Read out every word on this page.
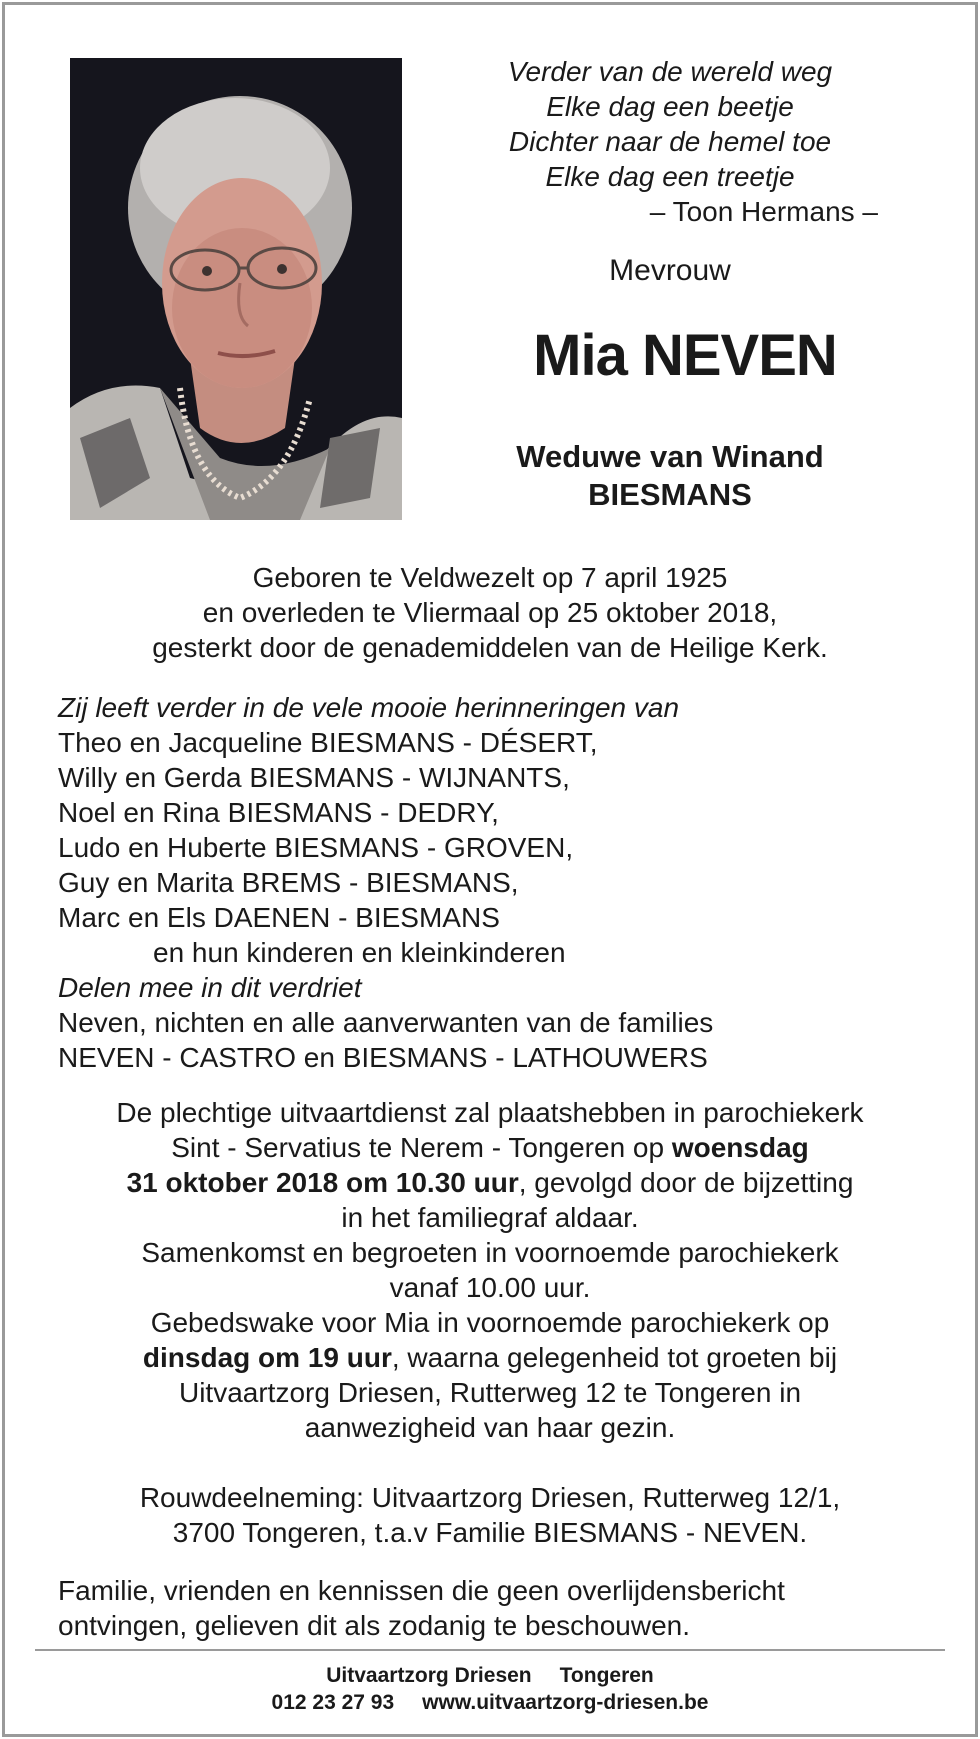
Verder van de wereld weg
Elke dag een beetje
Dichter naar de hemel toe
Elke dag een treetje
– Toon Hermans –
Mevrouw
Mia NEVEN
Weduwe van Winand
BIESMANS
Geboren te Veldwezelt op 7 april 1925
en overleden te Vliermaal op 25 oktober 2018,
gesterkt door de genademiddelen van de Heilige Kerk.
Zij leeft verder in de vele mooie herinneringen van
Theo en Jacqueline BIESMANS - DÉSERT,
Willy en Gerda BIESMANS - WIJNANTS,
Noel en Rina BIESMANS - DEDRY,
Ludo en Huberte BIESMANS - GROVEN,
Guy en Marita BREMS - BIESMANS,
Marc en Els DAENEN - BIESMANS
en hun kinderen en kleinkinderen
Delen mee in dit verdriet
Neven, nichten en alle aanverwanten van de families
NEVEN - CASTRO en BIESMANS - LATHOUWERS
De plechtige uitvaartdienst zal plaatshebben in parochiekerk
Sint - Servatius te Nerem - Tongeren op woensdag
31 oktober 2018 om 10.30 uur, gevolgd door de bijzetting
in het familiegraf aldaar.
Samenkomst en begroeten in voornoemde parochiekerk
vanaf 10.00 uur.
Gebedswake voor Mia in voornoemde parochiekerk op
dinsdag om 19 uur, waarna gelegenheid tot groeten bij
Uitvaartzorg Driesen, Rutterweg 12 te Tongeren in
aanwezigheid van haar gezin.
Rouwdeelneming: Uitvaartzorg Driesen, Rutterweg 12/1,
3700 Tongeren, t.a.v Familie BIESMANS - NEVEN.
Familie, vrienden en kennissen die geen overlijdensbericht
ontvingen, gelieven dit als zodanig te beschouwen.
Uitvaartzorg Driesen Tongeren
012 23 27 93 www.uitvaartzorg-driesen.be
